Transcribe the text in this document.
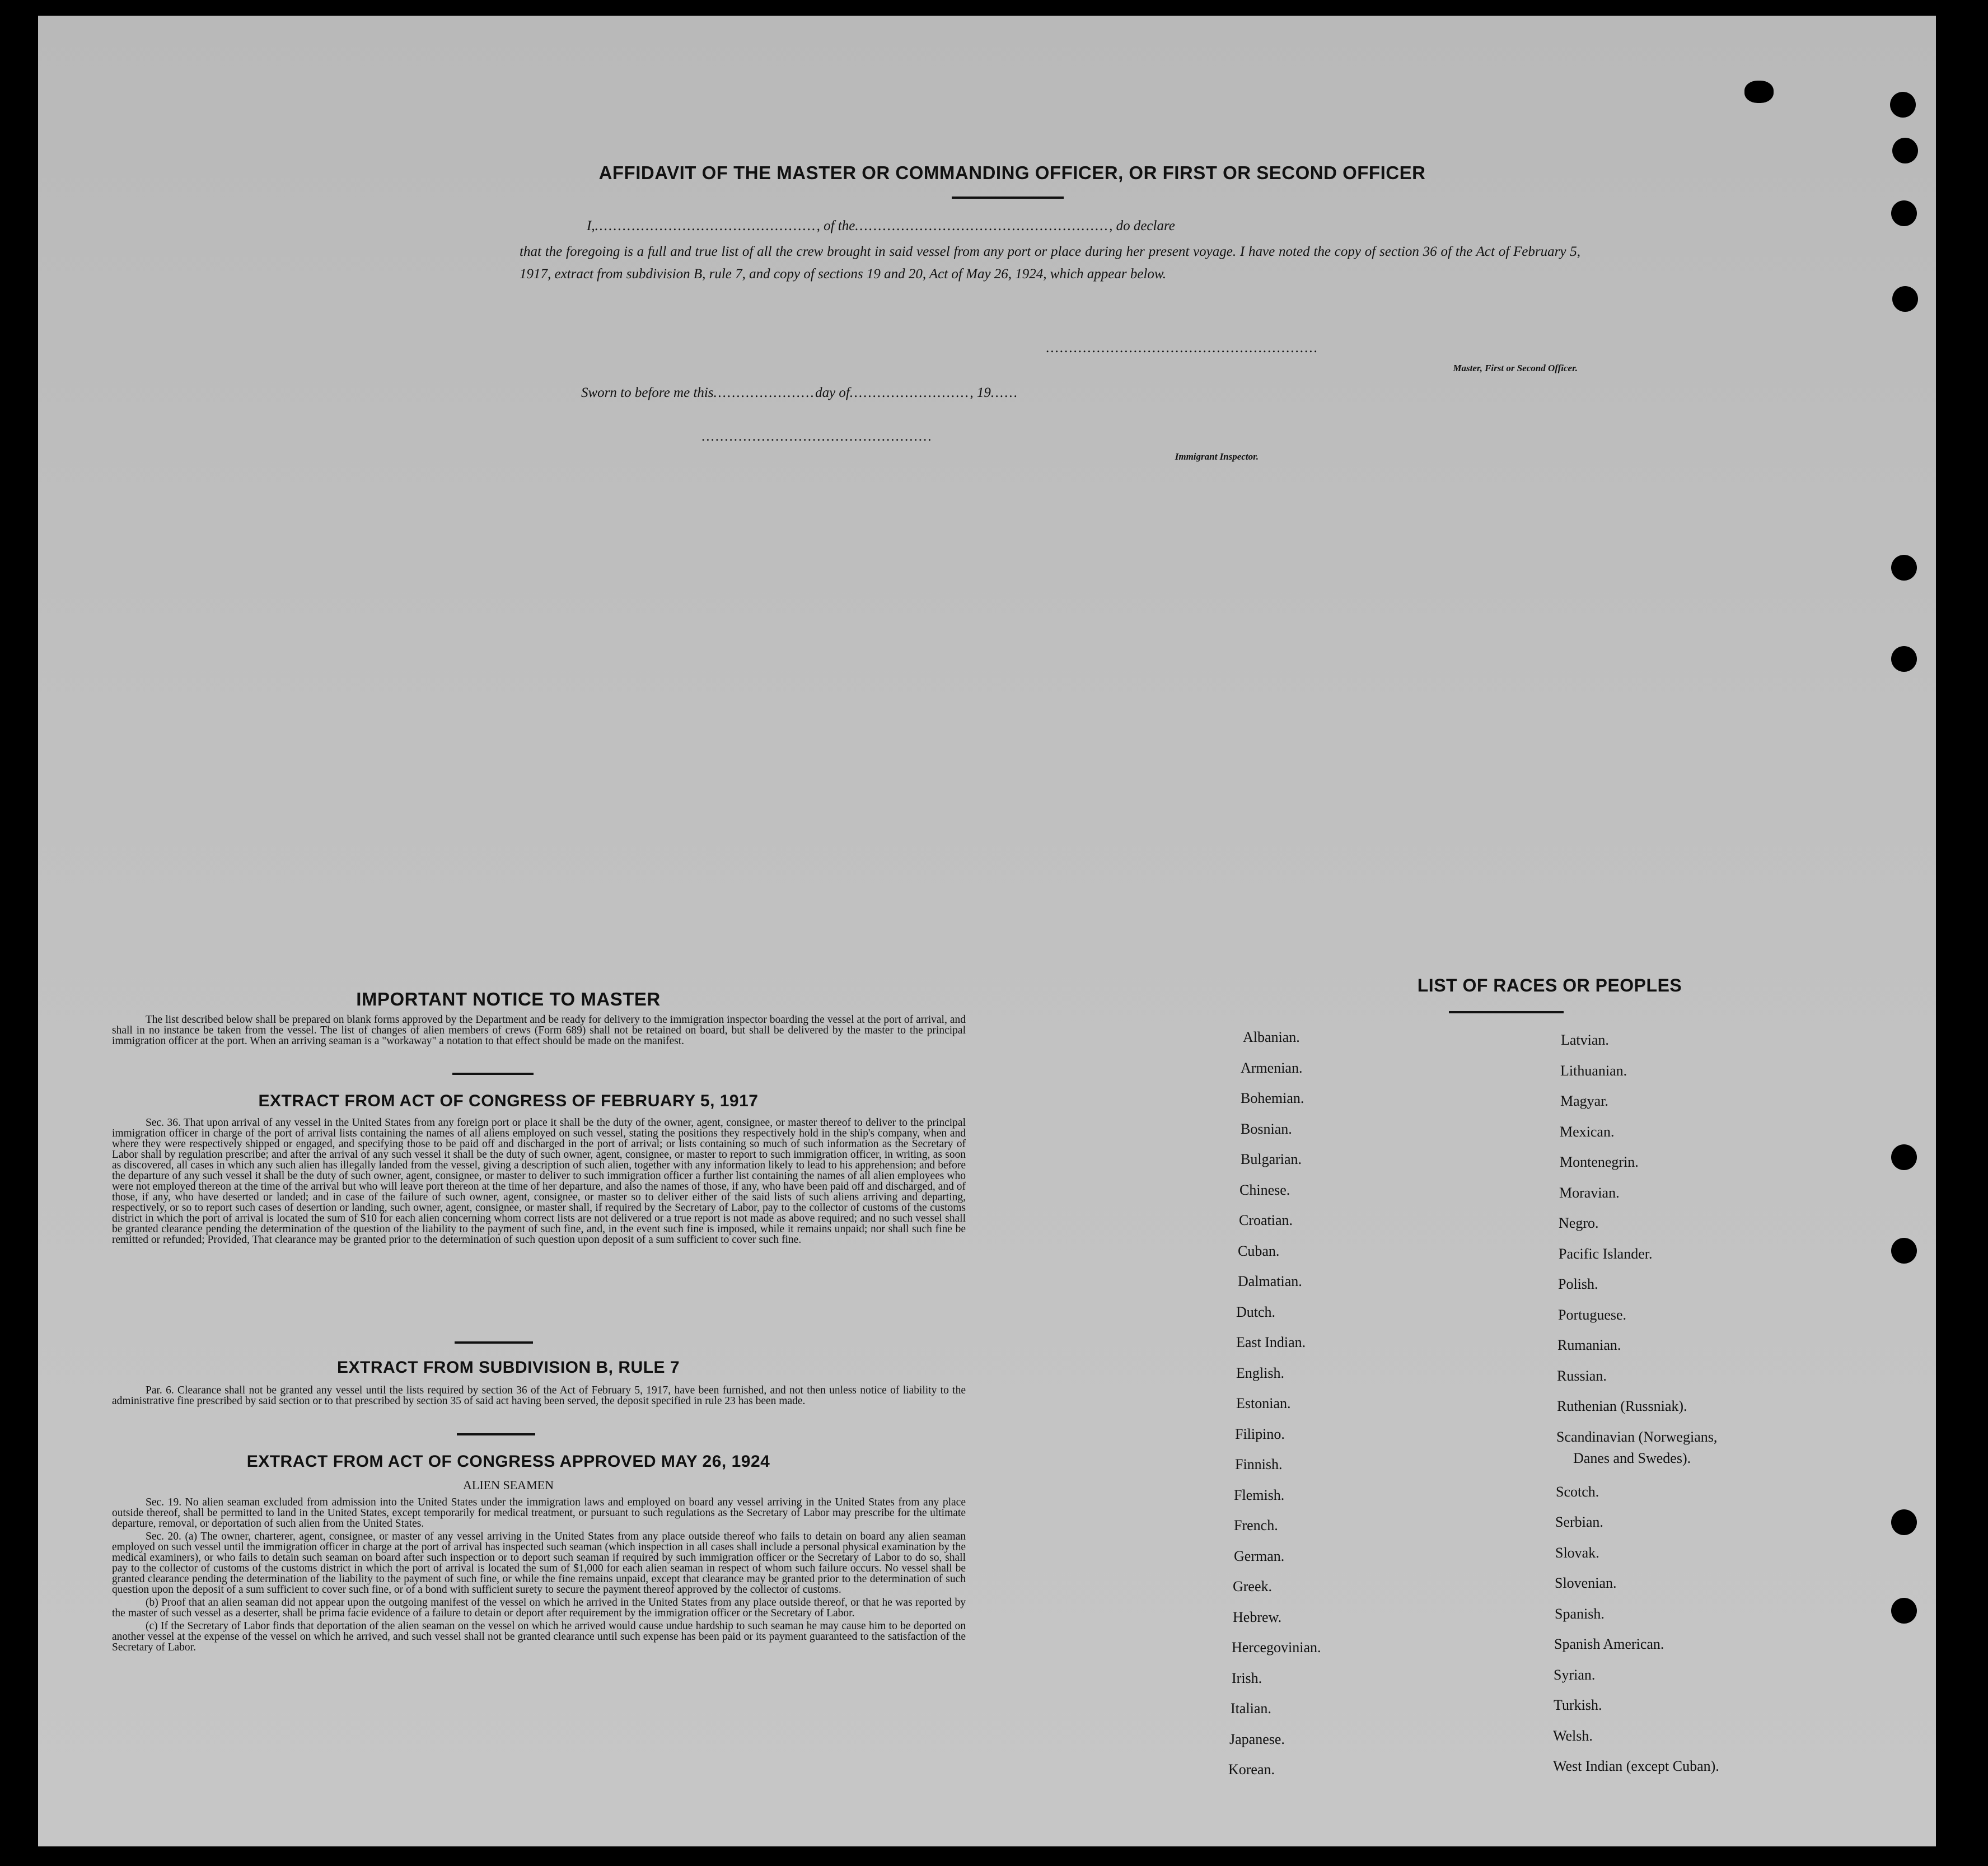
AFFIDAVIT OF THE MASTER OR COMMANDING OFFICER, OR FIRST OR SECOND OFFICER
I,................................................, of the......................................................., do declare
that the foregoing is a full and true list of all the crew brought in said vessel from any port or place during her present voyage. I have noted the copy of section 36 of the Act of February 5, 1917, extract from subdivision B, rule 7, and copy of sections 19 and 20, Act of May 26, 1924, which appear below.
...........................................................
Master, First or Second Officer.
Sworn to before me this......................day of.........................., 19......
..................................................
Immigrant Inspector.
IMPORTANT NOTICE TO MASTER
The list described below shall be prepared on blank forms approved by the Department and be ready for delivery to the immigration inspector boarding the vessel at the port of arrival, and shall in no instance be taken from the vessel. The list of changes of alien members of crews (Form 689) shall not be retained on board, but shall be delivered by the master to the principal immigration officer at the port. When an arriving seaman is a "workaway" a notation to that effect should be made on the manifest.
EXTRACT FROM ACT OF CONGRESS OF FEBRUARY 5, 1917
Sec. 36. That upon arrival of any vessel in the United States from any foreign port or place it shall be the duty of the owner, agent, consignee, or master thereof to deliver to the principal immigration officer in charge of the port of arrival lists containing the names of all aliens employed on such vessel, stating the positions they respectively hold in the ship's company, when and where they were respectively shipped or engaged, and specifying those to be paid off and discharged in the port of arrival; or lists containing so much of such information as the Secretary of Labor shall by regulation prescribe; and after the arrival of any such vessel it shall be the duty of such owner, agent, consignee, or master to report to such immigration officer, in writing, as soon as discovered, all cases in which any such alien has illegally landed from the vessel, giving a description of such alien, together with any information likely to lead to his apprehension; and before the departure of any such vessel it shall be the duty of such owner, agent, consignee, or master to deliver to such immigration officer a further list containing the names of all alien employees who were not employed thereon at the time of the arrival but who will leave port thereon at the time of her departure, and also the names of those, if any, who have been paid off and discharged, and of those, if any, who have deserted or landed; and in case of the failure of such owner, agent, consignee, or master so to deliver either of the said lists of such aliens arriving and departing, respectively, or so to report such cases of desertion or landing, such owner, agent, consignee, or master shall, if required by the Secretary of Labor, pay to the collector of customs of the customs district in which the port of arrival is located the sum of $10 for each alien concerning whom correct lists are not delivered or a true report is not made as above required; and no such vessel shall be granted clearance pending the determination of the question of the liability to the payment of such fine, and, in the event such fine is imposed, while it remains unpaid; nor shall such fine be remitted or refunded; Provided, That clearance may be granted prior to the determination of such question upon deposit of a sum sufficient to cover such fine.
EXTRACT FROM SUBDIVISION B, RULE 7
Par. 6. Clearance shall not be granted any vessel until the lists required by section 36 of the Act of February 5, 1917, have been furnished, and not then unless notice of liability to the administrative fine prescribed by said section or to that prescribed by section 35 of said act having been served, the deposit specified in rule 23 has been made.
EXTRACT FROM ACT OF CONGRESS APPROVED MAY 26, 1924
ALIEN SEAMEN

Sec. 19. No alien seaman excluded from admission into the United States under the immigration laws and employed on board any vessel arriving in the United States from any place outside thereof, shall be permitted to land in the United States, except temporarily for medical treatment, or pursuant to such regulations as the Secretary of Labor may prescribe for the ultimate departure, removal, or deportation of such alien from the United States.

Sec. 20. (a) The owner, charterer, agent, consignee, or master of any vessel arriving in the United States from any place outside thereof who fails to detain on board any alien seaman employed on such vessel until the immigration officer in charge at the port of arrival has inspected such seaman (which inspection in all cases shall include a personal physical examination by the medical examiners), or who fails to detain such seaman on board after such inspection or to deport such seaman if required by such immigration officer or the Secretary of Labor to do so, shall pay to the collector of customs of the customs district in which the port of arrival is located the sum of $1,000 for each alien seaman in respect of whom such failure occurs. No vessel shall be granted clearance pending the determination of the liability to the payment of such fine, or while the fine remains unpaid, except that clearance may be granted prior to the determination of such question upon the deposit of a sum sufficient to cover such fine, or of a bond with sufficient surety to secure the payment thereof approved by the collector of customs.

(b) Proof that an alien seaman did not appear upon the outgoing manifest of the vessel on which he arrived in the United States from any place outside thereof, or that he was reported by the master of such vessel as a deserter, shall be prima facie evidence of a failure to detain or deport after requirement by the immigration officer or the Secretary of Labor.

(c) If the Secretary of Labor finds that deportation of the alien seaman on the vessel on which he arrived would cause undue hardship to such seaman he may cause him to be deported on another vessel at the expense of the vessel on which he arrived, and such vessel shall not be granted clearance until such expense has been paid or its payment guaranteed to the satisfaction of the Secretary of Labor.

LIST OF RACES OR PEOPLES
Albanian.
Armenian.
Bohemian.
Bosnian.
Bulgarian.
Chinese.
Croatian.
Cuban.
Dalmatian.
Dutch.
East Indian.
English.
Estonian.
Filipino.
Finnish.
Flemish.
French.
German.
Greek.
Hebrew.
Hercegovinian.
Irish.
Italian.
Japanese.
Korean.
Latvian.
Lithuanian.
Magyar.
Mexican.
Montenegrin.
Moravian.
Negro.
Pacific Islander.
Polish.
Portuguese.
Rumanian.
Russian.
Ruthenian (Russniak).
Scandinavian (Norwegians,
Danes and Swedes).
Scotch.
Serbian.
Slovak.
Slovenian.
Spanish.
Spanish American.
Syrian.
Turkish.
Welsh.
West Indian (except Cuban).
